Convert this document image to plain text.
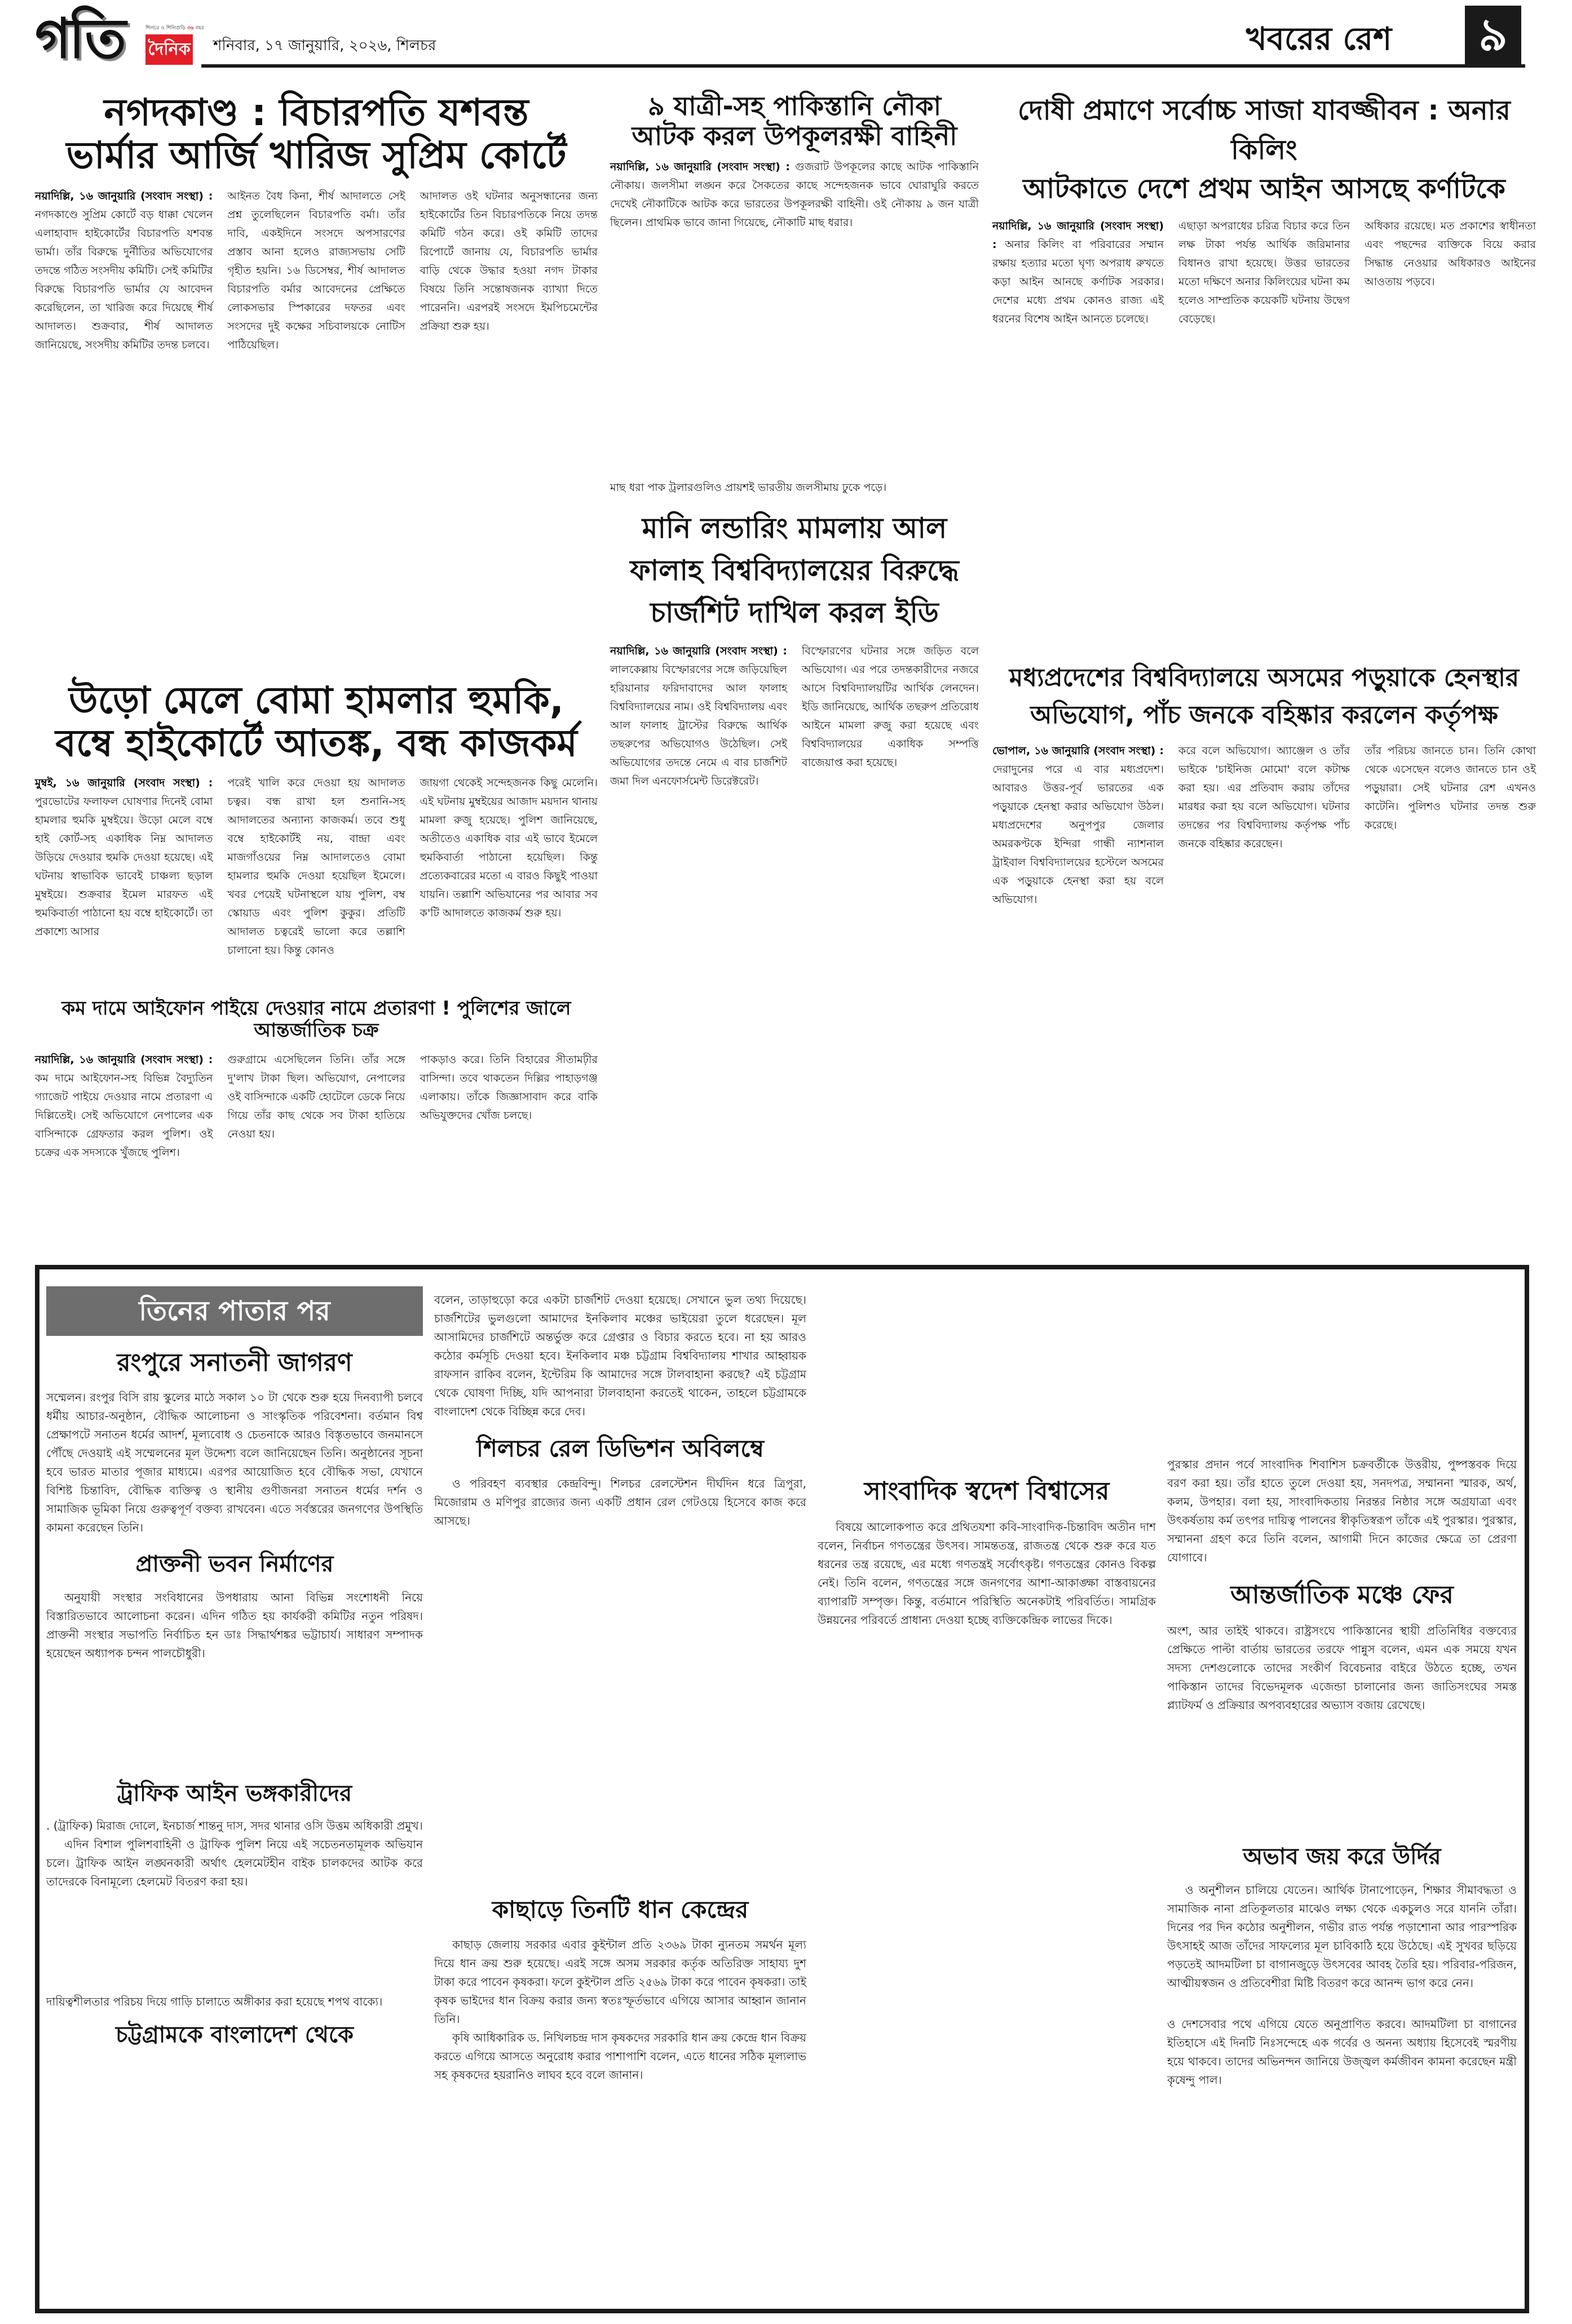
গতি	শিলচর ও শিলিগুড়ি ৩৬ বছর
দৈনিক শনিবার, ১৭ জানুয়ারি, ২০২৬, শিলচর	খবরের রেশ	৯
নগদকাণ্ড : বিচারপতি যশবন্ত
ভার্মার আর্জি খারিজ সুপ্রিম কোর্টে
নয়াদিল্লি, ১৬ জানুয়ারি (সংবাদ সংস্থা) : নগদকাণ্ডে সুপ্রিম কোর্টে বড় ধাক্কা খেলেন এলাহাবাদ হাইকোর্টের বিচারপতি যশবন্ত ভার্মা। তাঁর বিরুদ্ধে দুর্নীতির অভিযোগের তদন্তে গঠিত সংসদীয় কমিটি। সেই কমিটির বিরুদ্ধে বিচারপতি ভার্মার যে আবেদন করেছিলেন, তা খারিজ করে দিয়েছে শীর্ষ আদালত। শুক্রবার, শীর্ষ আদালত জানিয়েছে, সংসদীয় কমিটির তদন্ত চলবে।
আইনত বৈধ কিনা, শীর্ষ আদালতে সেই প্রশ্ন তুলেছিলেন বিচারপতি বর্মা। তাঁর দাবি, একইদিনে সংসদে অপসারণের প্রস্তাব আনা হলেও রাজ্যসভায় সেটি গৃহীত হয়নি। ১৬ ডিসেম্বর, শীর্ষ আদালত বিচারপতি বর্মার আবেদনের প্রেক্ষিতে লোকসভার স্পিকারের দফতর এবং সংসদের দুই কক্ষের সচিবালয়কে নোটিস পাঠিয়েছিল।
আদালত ওই ঘটনার অনুসন্ধানের জন্য হাইকোর্টের তিন বিচারপতিকে নিয়ে তদন্ত কমিটি গঠন করে। ওই কমিটি তাদের রিপোর্টে জানায় যে, বিচারপতি ভার্মার বাড়ি থেকে উদ্ধার হওয়া নগদ টাকার বিষয়ে তিনি সন্তোষজনক ব্যাখ্যা দিতে পারেননি। এরপরই সংসদে ইমপিচমেন্টের প্রক্রিয়া শুরু হয়।
৯ যাত্রী-সহ পাকিস্তানি নৌকা
আটক করল উপকূলরক্ষী বাহিনী
নয়াদিল্লি, ১৬ জানুয়ারি (সংবাদ সংস্থা) : গুজরাট উপকূলের কাছে আটক পাকিস্তানি নৌকায়। জলসীমা লঙ্ঘন করে সৈকতের কাছে সন্দেহজনক ভাবে ঘোরাঘুরি করতে দেখেই নৌকাটিকে আটক করে ভারতের উপকূলরক্ষী বাহিনী। ওই নৌকায় ৯ জন যাত্রী ছিলেন। প্রাথমিক ভাবে জানা গিয়েছে, নৌকাটি মাছ ধরার।
মাছ ধরা পাক ট্রলারগুলিও প্রায়শই ভারতীয় জলসীমায় ঢুকে পড়ে।
দোষী প্রমাণে সর্বোচ্চ সাজা যাবজ্জীবন : অনার কিলিং
আটকাতে দেশে প্রথম আইন আসছে কর্ণাটকে
নয়াদিল্লি, ১৬ জানুয়ারি (সংবাদ সংস্থা) : অনার কিলিং বা পরিবারের সম্মান রক্ষায় হত্যার মতো ঘৃণ্য অপরাধ রুখতে কড়া আইন আনছে কর্ণাটক সরকার। দেশের মধ্যে প্রথম কোনও রাজ্য এই ধরনের বিশেষ আইন আনতে চলেছে।
এছাড়া অপরাধের চরিত্র বিচার করে তিন লক্ষ টাকা পর্যন্ত আর্থিক জরিমানার বিধানও রাখা হয়েছে। উত্তর ভারতের মতো দক্ষিণে অনার কিলিংয়ের ঘটনা কম হলেও সাম্প্রতিক কয়েকটি ঘটনায় উদ্বেগ বেড়েছে।
অধিকার রয়েছে। মত প্রকাশের স্বাধীনতা এবং পছন্দের ব্যক্তিকে বিয়ে করার সিদ্ধান্ত নেওয়ার অধিকারও আইনের আওতায় পড়বে।
উড়ো মেলে বোমা হামলার হুমকি,
বম্বে হাইকোর্টে আতঙ্ক, বন্ধ কাজকর্ম
মুম্বই, ১৬ জানুয়ারি (সংবাদ সংস্থা) : পুরভোটের ফলাফল ঘোষণার দিনেই বোমা হামলার হুমকি মুম্বইয়ে। উড়ো মেলে বম্বে হাই কোর্ট-সহ একাধিক নিম্ন আদালত উড়িয়ে দেওয়ার হুমকি দেওয়া হয়েছে। এই ঘটনায় স্বাভাবিক ভাবেই চাঞ্চল্য ছড়াল মুম্বইয়ে। শুক্রবার ইমেল মারফত এই হুমকিবার্তা পাঠানো হয় বম্বে হাইকোর্টে। তা প্রকাশ্যে আসার
পরেই খালি করে দেওয়া হয় আদালত চত্বর। বন্ধ রাখা হল শুনানি-সহ আদালতের অন্যান্য কাজকর্ম। তবে শুধু বম্বে হাইকোর্টই নয়, বান্দ্রা এবং মাজগাঁওয়ের নিম্ন আদালতেও বোমা হামলার হুমকি দেওয়া হয়েছিল ইমেলে। খবর পেয়েই ঘটনাস্থলে যায় পুলিশ, বম্ব স্কোয়াড এবং পুলিশ কুকুর। প্রতিটি আদালত চত্বরেই ভালো করে তল্লাশি চালানো হয়। কিন্তু কোনও
জায়গা থেকেই সন্দেহজনক কিছু মেলেনি। এই ঘটনায় মুম্বইয়ের আজাদ ময়দান থানায় মামলা রুজু হয়েছে। পুলিশ জানিয়েছে, অতীতেও একাধিক বার এই ভাবে ইমেলে হুমকিবার্তা পাঠানো হয়েছিল। কিন্তু প্রত্যেকবারের মতো এ বারও কিছুই পাওয়া যায়নি। তল্লাশি অভিযানের পর আবার সব ক'টি আদালতে কাজকর্ম শুরু হয়।
কম দামে আইফোন পাইয়ে দেওয়ার নামে প্রতারণা ! পুলিশের জালে আন্তর্জাতিক চক্র
নয়াদিল্লি, ১৬ জানুয়ারি (সংবাদ সংস্থা) : কম দামে আইফোন-সহ বিভিন্ন বৈদ্যুতিন গ্যাজেট পাইয়ে দেওয়ার নামে প্রতারণা এ দিল্লিতেই। সেই অভিযোগে নেপালের এক বাসিন্দাকে গ্রেফতার করল পুলিশ। ওই চক্রের এক সদস্যকে খুঁজছে পুলিশ।
গুরুগ্রামে এসেছিলেন তিনি। তাঁর সঙ্গে দু'লাখ টাকা ছিল। অভিযোগ, নেপালের ওই বাসিন্দাকে একটি হোটেলে ডেকে নিয়ে গিয়ে তাঁর কাছ থেকে সব টাকা হাতিয়ে নেওয়া হয়।
পাকড়াও করে। তিনি বিহারের সীতামঢ়ীর বাসিন্দা। তবে থাকতেন দিল্লির পাহাড়গঞ্জ এলাকায়। তাঁকে জিজ্ঞাসাবাদ করে বাকি অভিযুক্তদের খোঁজ চলছে।
মানি লন্ডারিং মামলায় আল
ফালাহ বিশ্ববিদ্যালয়ের বিরুদ্ধে
চার্জশিট দাখিল করল ইডি
নয়াদিল্লি, ১৬ জানুয়ারি (সংবাদ সংস্থা) : লালকেল্লায় বিস্ফোরণের সঙ্গে জড়িয়েছিল হরিয়ানার ফরিদাবাদের আল ফালাহ বিশ্ববিদ্যালয়ের নাম। ওই বিশ্ববিদ্যালয় এবং আল ফালাহ ট্রাস্টের বিরুদ্ধে আর্থিক তছরুপের অভিযোগও উঠেছিল। সেই অভিযোগের তদন্তে নেমে এ বার চার্জশিট জমা দিল এনফোর্সমেন্ট ডিরেক্টরেট।
বিস্ফোরণের ঘটনার সঙ্গে জড়িত বলে অভিযোগ। এর পরে তদন্তকারীদের নজরে আসে বিশ্ববিদ্যালয়টির আর্থিক লেনদেন। ইডি জানিয়েছে, আর্থিক তছরুপ প্রতিরোধ আইনে মামলা রুজু করা হয়েছে এবং বিশ্ববিদ্যালয়ের একাধিক সম্পত্তি বাজেয়াপ্ত করা হয়েছে।
মধ্যপ্রদেশের বিশ্ববিদ্যালয়ে অসমের পড়ুয়াকে হেনস্থার
অভিযোগ, পাঁচ জনকে বহিষ্কার করলেন কর্তৃপক্ষ
ভোপাল, ১৬ জানুয়ারি (সংবাদ সংস্থা) : দেরাদুনের পরে এ বার মধ্যপ্রদেশ। আবারও উত্তর-পূর্ব ভারতের এক পড়ুয়াকে হেনস্থা করার অভিযোগ উঠল। মধ্যপ্রদেশের অনুপপুর জেলার অমরকণ্টকে ইন্দিরা গান্ধী ন্যাশনাল ট্রাইবাল বিশ্ববিদ্যালয়ের হস্টেলে অসমের এক পড়ুয়াকে হেনস্থা করা হয় বলে অভিযোগ।
করে বলে অভিযোগ। অ্যাঞ্জেল ও তাঁর ভাইকে 'চাইনিজ মোমো' বলে কটাক্ষ করা হয়। এর প্রতিবাদ করায় তাঁদের মারধর করা হয় বলে অভিযোগ। ঘটনার তদন্তের পর বিশ্ববিদ্যালয় কর্তৃপক্ষ পাঁচ জনকে বহিষ্কার করেছেন।
তাঁর পরিচয় জানতে চান। তিনি কোথা থেকে এসেছেন বলেও জানতে চান ওই পড়ুয়ারা। সেই ঘটনার রেশ এখনও কাটেনি। পুলিশও ঘটনার তদন্ত শুরু করেছে।
তিনের পাতার পর
রংপুরে সনাতনী জাগরণ

সম্মেলন। রংপুর বিসি রায় স্কুলের মাঠে সকাল ১০ টা থেকে শুরু হয়ে দিনব্যাপী চলবে ধর্মীয় আচার-অনুষ্ঠান, বৌদ্ধিক আলোচনা ও সাংস্কৃতিক পরিবেশনা। বর্তমান বিশ্ব প্রেক্ষাপটে সনাতন ধর্মের আদর্শ, মূল্যবোধ ও চেতনাকে আরও বিস্তৃতভাবে জনমানসে পৌঁছে দেওয়াই এই সম্মেলনের মূল উদ্দেশ্য বলে জানিয়েছেন তিনি। অনুষ্ঠানের সূচনা হবে ভারত মাতার পূজার মাধ্যমে। এরপর আয়োজিত হবে বৌদ্ধিক সভা, যেখানে বিশিষ্ট চিন্তাবিদ, বৌদ্ধিক ব্যক্তিত্ব ও স্থানীয় গুণীজনরা সনাতন ধর্মের দর্শন ও সামাজিক ভূমিকা নিয়ে গুরুত্বপূর্ণ বক্তব্য রাখবেন। এতে সর্বস্তরের জনগণের উপস্থিতি কামনা করেছেন তিনি।

প্রাক্তনী ভবন নির্মাণের

অনুযায়ী সংস্থার সংবিধানের উপধারায় আনা বিভিন্ন সংশোধনী নিয়ে বিস্তারিতভাবে আলোচনা করেন। এদিন গঠিত হয় কার্যকরী কমিটির নতুন পরিষদ। প্রাক্তনী সংস্থার সভাপতি নির্বাচিত হন ডাঃ সিদ্ধার্থশঙ্কর ভট্টাচার্য। সাধারণ সম্পাদক হয়েছেন অধ্যাপক চন্দন পালচৌধুরী।

ট্রাফিক আইন ভঙ্গকারীদের

. (ট্রাফিক) মিরাজ দোলে, ইনচার্জ শান্তনু দাস, সদর থানার ওসি উত্তম অধিকারী প্রমুখ।

এদিন বিশাল পুলিশবাহিনী ও ট্রাফিক পুলিশ নিয়ে এই সচেতনতামূলক অভিযান চলে। ট্রাফিক আইন লঙ্ঘনকারী অর্থাৎ হেলমেটহীন বাইক চালকদের আটক করে তাদেরকে বিনামূল্যে হেলমেট বিতরণ করা হয়।

দায়িত্বশীলতার পরিচয় দিয়ে গাড়ি চালাতে অঙ্গীকার করা হয়েছে শপথ বাক্যে।

চট্টগ্রামকে বাংলাদেশ থেকে

বলেন, তাড়াহুড়ো করে একটা চার্জশিট দেওয়া হয়েছে। সেখানে ভুল তথ্য দিয়েছে। চার্জশিটের ভুলগুলো আমাদের ইনকিলাব মঞ্চের ভাইয়েরা তুলে ধরেছেন। মূল আসামিদের চার্জশিটে অন্তর্ভুক্ত করে গ্রেপ্তার ও বিচার করতে হবে। না হয় আরও কঠোর কর্মসূচি দেওয়া হবে। ইনকিলাব মঞ্চ চট্টগ্রাম বিশ্ববিদ্যালয় শাখার আহ্বায়ক রাফসান রাকিব বলেন, ইন্টেরিম কি আমাদের সঙ্গে টালবাহানা করছে? এই চট্টগ্রাম থেকে ঘোষণা দিচ্ছি, যদি আপনারা টালবাহানা করতেই থাকেন, তাহলে চট্টগ্রামকে বাংলাদেশ থেকে বিচ্ছিন্ন করে দেব।

শিলচর রেল ডিভিশন অবিলম্বে

ও পরিবহণ ব্যবস্থার কেন্দ্রবিন্দু। শিলচর রেলস্টেশন দীর্ঘদিন ধরে ত্রিপুরা, মিজোরাম ও মণিপুর রাজ্যের জন্য একটি প্রধান রেল গেটওয়ে হিসেবে কাজ করে আসছে।

কাছাড়ে তিনটি ধান কেন্দ্রের

কাছাড় জেলায় সরকার এবার কুইন্টাল প্রতি ২৩৬৯ টাকা ন্যুনতম সমর্থন মূল্য দিয়ে ধান ক্রয় শুরু হয়েছে। এরই সঙ্গে অসম সরকার কর্তৃক অতিরিক্ত সাহায্য দুশ টাকা করে পাবেন কৃষকরা। ফলে কুইন্টাল প্রতি ২৫৬৯ টাকা করে পাবেন কৃষকরা। তাই কৃষক ভাইদের ধান বিক্রয় করার জন্য স্বতঃস্ফূর্তভাবে এগিয়ে আসার আহ্বান জানান তিনি।

কৃষি আধিকারিক ড. নিখিলচন্দ্র দাস কৃষকদের সরকারি ধান ক্রয় কেন্দ্রে ধান বিক্রয় করতে এগিয়ে আসতে অনুরোধ করার পাশাপাশি বলেন, এতে ধানের সঠিক মূল্যলাভ সহ কৃষকদের হয়রানিও লাঘব হবে বলে জানান।

সাংবাদিক স্বদেশ বিশ্বাসের

বিষয়ে আলোকপাত করে প্রথিতযশা কবি-সাংবাদিক-চিন্তাবিদ অতীন দাশ বলেন, নির্বাচন গণতন্ত্রের উৎসব। সামন্ততন্ত্র, রাজতন্ত্র থেকে শুরু করে যত ধরনের তন্ত্র রয়েছে, এর মধ্যে গণতন্ত্রই সর্বোৎকৃষ্ট। গণতন্ত্রের কোনও বিকল্প নেই। তিনি বলেন, গণতন্ত্রের সঙ্গে জনগণের আশা-আকাঙ্ক্ষা বাস্তবায়নের ব্যাপারটি সম্পৃক্ত। কিন্তু, বর্তমানে পরিস্থিতি অনেকটাই পরিবর্তিত। সামগ্রিক উন্নয়নের পরিবর্তে প্রাধান্য দেওয়া হচ্ছে ব্যক্তিকেন্দ্রিক লাভের দিকে।

পুরস্কার প্রদান পর্বে সাংবাদিক শিবাশিস চক্রবর্তীকে উত্তরীয়, পুষ্পস্তবক দিয়ে বরণ করা হয়। তাঁর হাতে তুলে দেওয়া হয়, সনদপত্র, সম্মাননা স্মারক, অর্থ, কলম, উপহার। বলা হয়, সাংবাদিকতায় নিরন্তর নিষ্ঠার সঙ্গে অগ্রযাত্রা এবং উৎকর্ষতায় কর্ম তৎপর দায়িত্ব পালনের স্বীকৃতিস্বরূপ তাঁকে এই পুরস্কার। পুরস্কার, সম্মাননা গ্রহণ করে তিনি বলেন, আগামী দিনে কাজের ক্ষেত্রে তা প্রেরণা যোগাবে।

আন্তর্জাতিক মঞ্চে ফের

অংশ, আর তাইই থাকবে। রাষ্ট্রসংঘে পাকিস্তানের স্থায়ী প্রতিনিধির বক্তব্যের প্রেক্ষিতে পাল্টা বার্তায় ভারতের তরফে পান্নুস বলেন, এমন এক সময়ে যখন সদস্য দেশগুলোকে তাদের সংকীর্ণ বিবেচনার বাইরে উঠতে হচ্ছে, তখন পাকিস্তান তাদের বিভেদমূলক এজেন্ডা চালানোর জন্য জাতিসংঘের সমস্ত প্ল্যাটফর্ম ও প্রক্রিয়ার অপব্যবহারের অভ্যাস বজায় রেখেছে।

অভাব জয় করে উর্দির

ও অনুশীলন চালিয়ে যেতেন। আর্থিক টানাপোড়েন, শিক্ষার সীমাবদ্ধতা ও সামাজিক নানা প্রতিকূলতার মাঝেও লক্ষ্য থেকে একচুলও সরে যাননি তাঁরা। দিনের পর দিন কঠোর অনুশীলন, গভীর রাত পর্যন্ত পড়াশোনা আর পারস্পরিক উৎসাহই আজ তাঁদের সাফল্যের মূল চাবিকাঠি হয়ে উঠেছে। এই সুখবর ছড়িয়ে পড়তেই আদমটিলা চা বাগানজুড়ে উৎসবের আবহ তৈরি হয়। পরিবার-পরিজন, আত্মীয়স্বজন ও প্রতিবেশীরা মিষ্টি বিতরণ করে আনন্দ ভাগ করে নেন।

ও দেশসেবার পথে এগিয়ে যেতে অনুপ্রাণিত করবে। আদমটিলা চা বাগানের ইতিহাসে এই দিনটি নিঃসন্দেহে এক গর্বের ও অনন্য অধ্যায় হিসেবেই স্মরণীয় হয়ে থাকবে। তাদের অভিনন্দন জানিয়ে উজ্জ্বল কর্মজীবন কামনা করেছেন মন্ত্রী কৃষেন্দু পাল।
